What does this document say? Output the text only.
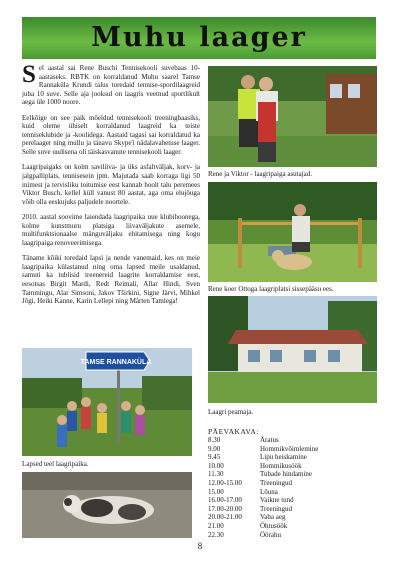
Muhu laager

Sel aastal sai Rene Buschi Tennisekooli suvebaas 10-aastaseks. RBTK on korraldanud Muhu saarel Tamse Rannaküla Krundi talus toredaid tennise-spordilaagreid juba 10 suve. Selle aja jooksul on laagris veetnud sportlikult aega üle 1000 noore.

Eelkõige on see paik mõeldud tennisekooli treeningbaasiks, kuid oleme ühiselt korraldanud laagreid ka teiste tenniseklubide ja -koolidega. Aastaid tagasi sai korraldatud ka perelaager ning mullu ja tänavu Skype'i nädalavahetuse laager. Selle suve uudisena oli täiskasvanute tennisekooli laager.

Laagripaigaks on kolm saviliiva- ja üks asfaltväljak, korv- ja jalgpalliplats, tennisesein jpm. Majutada saab korraga ligi 50 inimest ja tervisliku toitumise eest kannab hoolt talu peremees Viktor Busch, kellel küll vanust 80 aastat, aga oma elujõuga võib olla eeskujuks paljudele noortele.

2010. aastal soovime laiendada laagripaika uue klubihoonega, kolme kunstmuru platsiga liivaväljakute asemele, multifunktsionaalse mänguväljaku ehitamisega ning kogu laagripaiga renoveerimisega.

Täname kõiki toredaid lapsi ja nende vanemaid, kes on meie laagripaika külastanud ning oma lapsed meile usaldanud, samuti ka tublisid treenereid laagrite korraldamise eest, eesotsas Birgit Mardi, Redt Reimali, Allar Hindi, Sven Tammingu, Alar Simsoni, Jakov Tširkini, Signe Järvi, Mihkel Jõgi, Heiki Kanne, Karin Lellepi ning Mårten Tamlega!

TAMSE RANNAKÜLA
Lapsed teel laagripaika.
Rene ja Viktor - laagripaiga asutajad.
Rene koer Ottoga laagriplatsi sissepääsu ees.
Laagri peamaja.
PÄEVAKAVA:
8.30	Äratus
9.00	Hommikvõimlemine
9.45	Lipu heiskamine
10.00	Hommikusöök
11.30	Tubade hindamine
12.00-15.00	Treeningud
15.00	Lõuna
16.00-17.00	Vaikne tund
17.00-20.00	Treeningud
20.00-21.00	Vaba aeg
21.00	Õhtusöök
22.30	Öörahu
8
